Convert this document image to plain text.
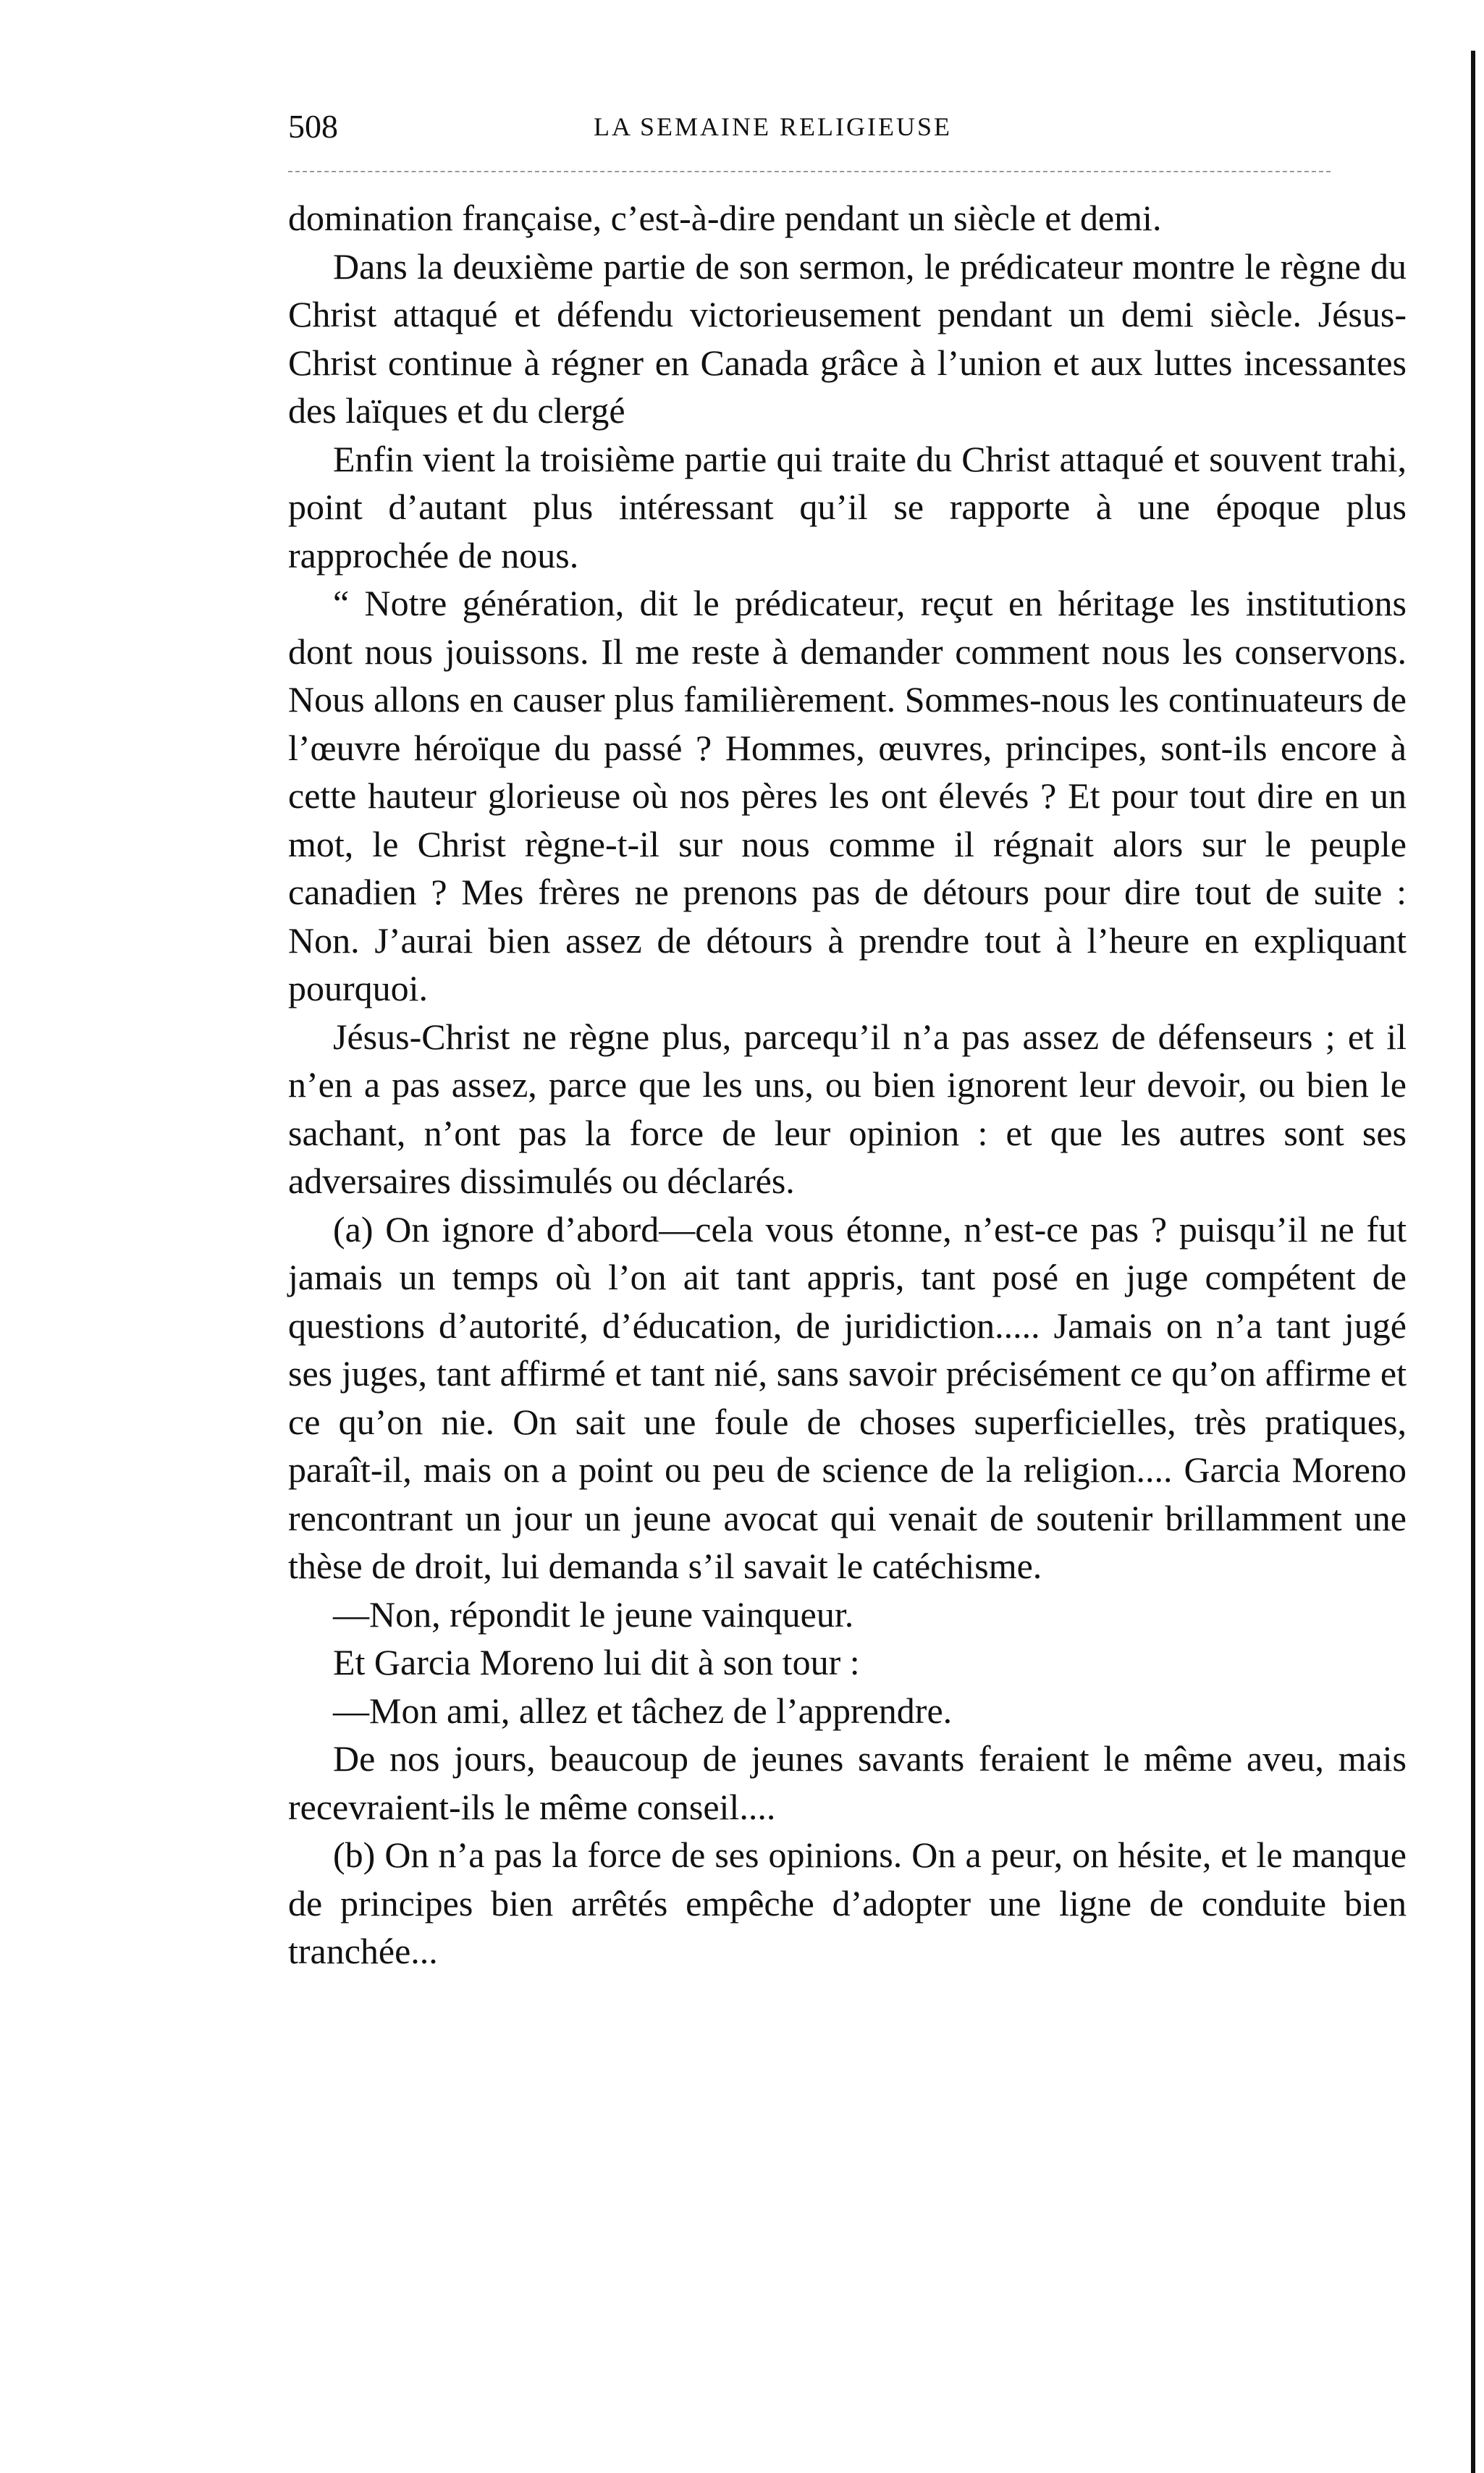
508	LA SEMAINE RELIGIEUSE

domination française, c’est-à-dire pendant un siècle et demi.

Dans la deuxième partie de son sermon, le prédicateur montre le règne du Christ attaqué et défendu victorieusement pendant un demi siècle. Jésus-Christ continue à régner en Canada grâce à l’union et aux luttes incessantes des laïques et du clergé

Enfin vient la troisième partie qui traite du Christ attaqué et souvent trahi, point d’autant plus intéressant qu’il se rapporte à une époque plus rapprochée de nous.

“ Notre génération, dit le prédicateur, reçut en héritage les institutions dont nous jouissons. Il me reste à demander comment nous les conservons. Nous allons en causer plus familièrement. Sommes-nous les continuateurs de l’œuvre héroïque du passé ? Hommes, œuvres, principes, sont-ils encore à cette hauteur glorieuse où nos pères les ont élevés ? Et pour tout dire en un mot, le Christ règne-t-il sur nous comme il régnait alors sur le peuple canadien ? Mes frères ne prenons pas de détours pour dire tout de suite : Non. J’aurai bien assez de détours à prendre tout à l’heure en expliquant pourquoi.

Jésus-Christ ne règne plus, parcequ’il n’a pas assez de défenseurs ; et il n’en a pas assez, parce que les uns, ou bien ignorent leur devoir, ou bien le sachant, n’ont pas la force de leur opinion : et que les autres sont ses adversaires dissimulés ou déclarés.

(a) On ignore d’abord—cela vous étonne, n’est-ce pas ? puisqu’il ne fut jamais un temps où l’on ait tant appris, tant posé en juge compétent de questions d’autorité, d’éducation, de juridiction..... Jamais on n’a tant jugé ses juges, tant affirmé et tant nié, sans savoir précisément ce qu’on affirme et ce qu’on nie. On sait une foule de choses superficielles, très pratiques, paraît-il, mais on a point ou peu de science de la religion.... Garcia Moreno rencontrant un jour un jeune avocat qui venait de soutenir brillamment une thèse de droit, lui demanda s’il savait le catéchisme.

—Non, répondit le jeune vainqueur.

Et Garcia Moreno lui dit à son tour :

—Mon ami, allez et tâchez de l’apprendre.

De nos jours, beaucoup de jeunes savants feraient le même aveu, mais recevraient-ils le même conseil....

(b) On n’a pas la force de ses opinions. On a peur, on hésite, et le manque de principes bien arrêtés empêche d’adopter une ligne de conduite bien tranchée...
